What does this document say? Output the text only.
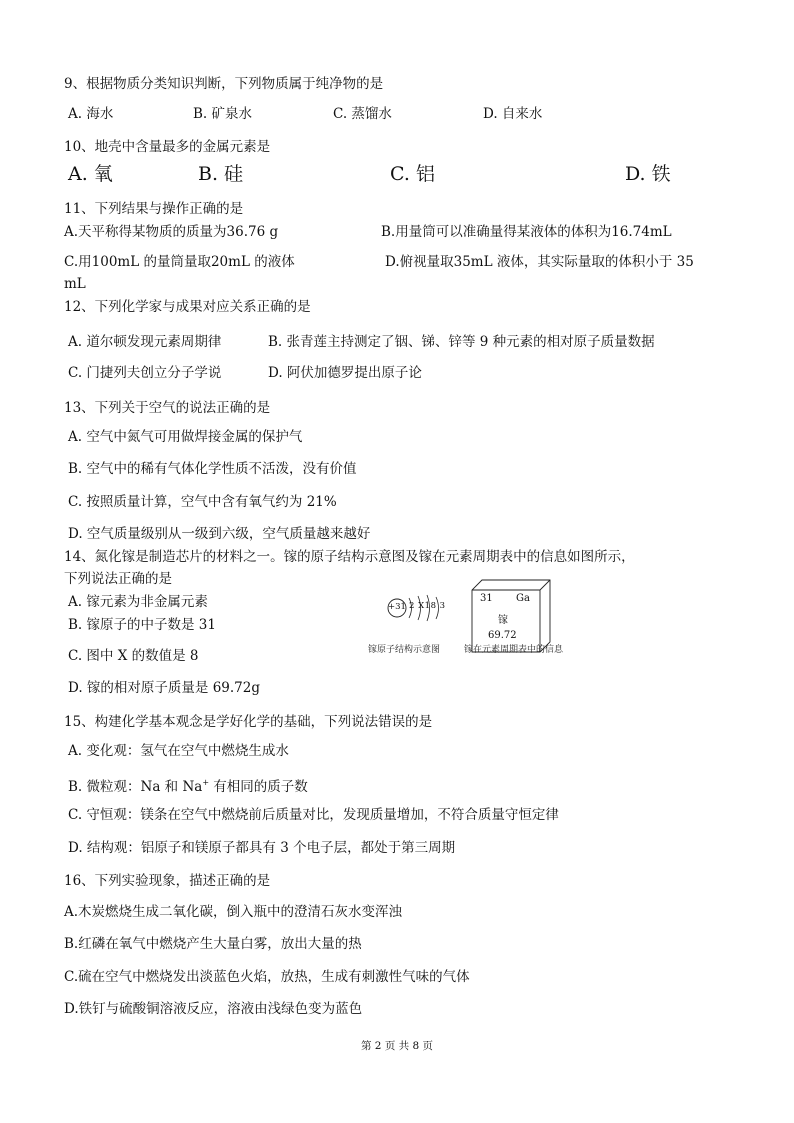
9、根据物质分类知识判断，下列物质属于纯净物的是
A. 海水	B. 矿泉水	C. 蒸馏水	D. 自来水
10、地壳中含量最多的金属元素是
A. 氧	B. 硅	C. 铝	D. 铁
11、下列结果与操作正确的是
A.天平称得某物质的质量为36.76 g	B.用量筒可以准确量得某液体的体积为16.74mL
C.用100mL 的量筒量取20mL 的液体	D.俯视量取35mL 液体，其实际量取的体积小于 35
mL
12、下列化学家与成果对应关系正确的是
A. 道尔顿发现元素周期律	B. 张青莲主持测定了铟、锑、锌等 9 种元素的相对原子质量数据
C. 门捷列夫创立分子学说	D. 阿伏加德罗提出原子论
13、下列关于空气的说法正确的是
A. 空气中氮气可用做焊接金属的保护气
B. 空气中的稀有气体化学性质不活泼，没有价值
C. 按照质量计算，空气中含有氧气约为 21%
D. 空气质量级别从一级到六级，空气质量越来越好
14、氮化镓是制造芯片的材料之一。镓的原子结构示意图及镓在元素周期表中的信息如图所示，
下列说法正确的是
A. 镓元素为非金属元素
B. 镓原子的中子数是 31
C. 图中 X 的数值是 8
D. 镓的相对原子质量是 69.72g
+31 2 X18 3
镓原子结构示意图
31 Ga
镓
69.72
镓在元素周期表中的信息
15、构建化学基本观念是学好化学的基础，下列说法错误的是
A. 变化观：氢气在空气中燃烧生成水
B. 微粒观：Na 和 Na+ 有相同的质子数
C. 守恒观：镁条在空气中燃烧前后质量对比，发现质量增加，不符合质量守恒定律
D. 结构观：铝原子和镁原子都具有 3 个电子层，都处于第三周期
16、下列实验现象，描述正确的是
A.木炭燃烧生成二氧化碳，倒入瓶中的澄清石灰水变浑浊
B.红磷在氧气中燃烧产生大量白雾，放出大量的热
C.硫在空气中燃烧发出淡蓝色火焰，放热，生成有刺激性气味的气体
D.铁钉与硫酸铜溶液反应，溶液由浅绿色变为蓝色
第 2 页 共 8 页
